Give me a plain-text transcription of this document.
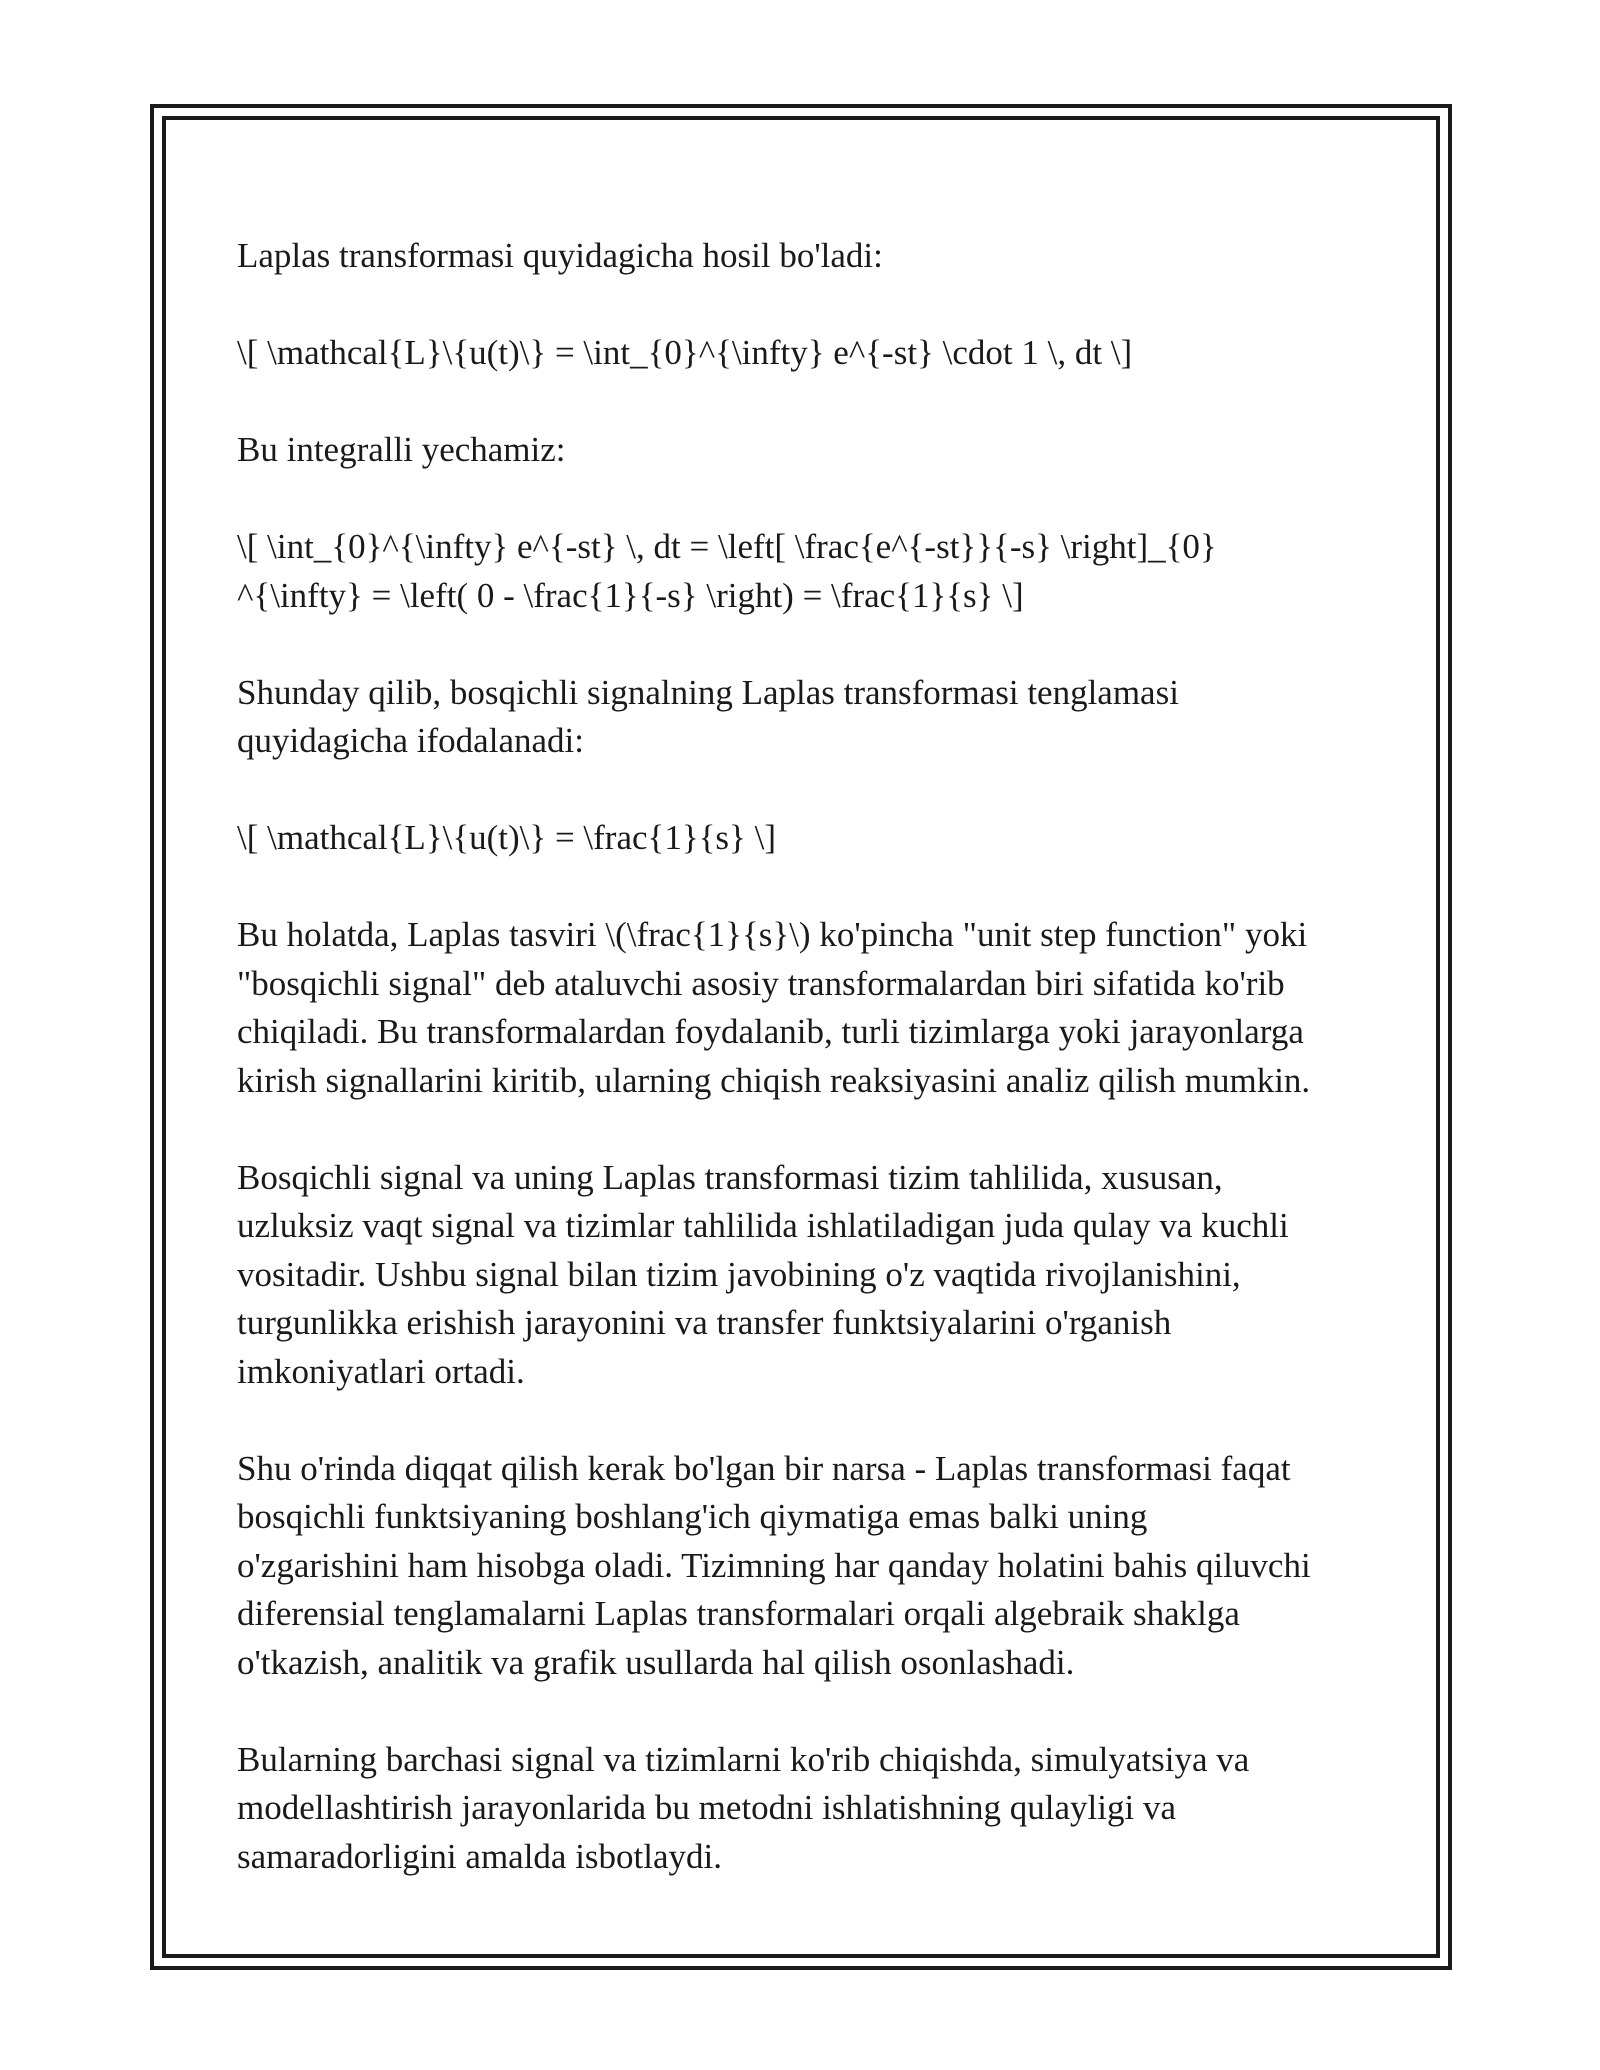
Laplas transformasi quyidagicha hosil bo'ladi:

\[ \mathcal{L}\{u(t)\} = \int_{0}^{\infty} e^{-st} \cdot 1 \, dt \]

Bu integralli yechamiz:

\[ \int_{0}^{\infty} e^{-st} \, dt = \left[ \frac{e^{-st}}{-s} \right]_{0}
^{\infty} = \left( 0 - \frac{1}{-s} \right) = \frac{1}{s} \]

Shunday qilib, bosqichli signalning Laplas transformasi tenglamasi
quyidagicha ifodalanadi:

\[ \mathcal{L}\{u(t)\} = \frac{1}{s} \]

Bu holatda, Laplas tasviri \(\frac{1}{s}\) ko'pincha "unit step function" yoki
"bosqichli signal" deb ataluvchi asosiy transformalardan biri sifatida ko'rib
chiqiladi. Bu transformalardan foydalanib, turli tizimlarga yoki jarayonlarga
kirish signallarini kiritib, ularning chiqish reaksiyasini analiz qilish mumkin.

Bosqichli signal va uning Laplas transformasi tizim tahlilida, xususan,
uzluksiz vaqt signal va tizimlar tahlilida ishlatiladigan juda qulay va kuchli
vositadir. Ushbu signal bilan tizim javobining o'z vaqtida rivojlanishini,
turgunlikka erishish jarayonini va transfer funktsiyalarini o'rganish
imkoniyatlari ortadi.

Shu o'rinda diqqat qilish kerak bo'lgan bir narsa - Laplas transformasi faqat
bosqichli funktsiyaning boshlang'ich qiymatiga emas balki uning
o'zgarishini ham hisobga oladi. Tizimning har qanday holatini bahis qiluvchi
diferensial tenglamalarni Laplas transformalari orqali algebraik shaklga
o'tkazish, analitik va grafik usullarda hal qilish osonlashadi.

Bularning barchasi signal va tizimlarni ko'rib chiqishda, simulyatsiya va
modellashtirish jarayonlarida bu metodni ishlatishning qulayligi va
samaradorligini amalda isbotlaydi.
